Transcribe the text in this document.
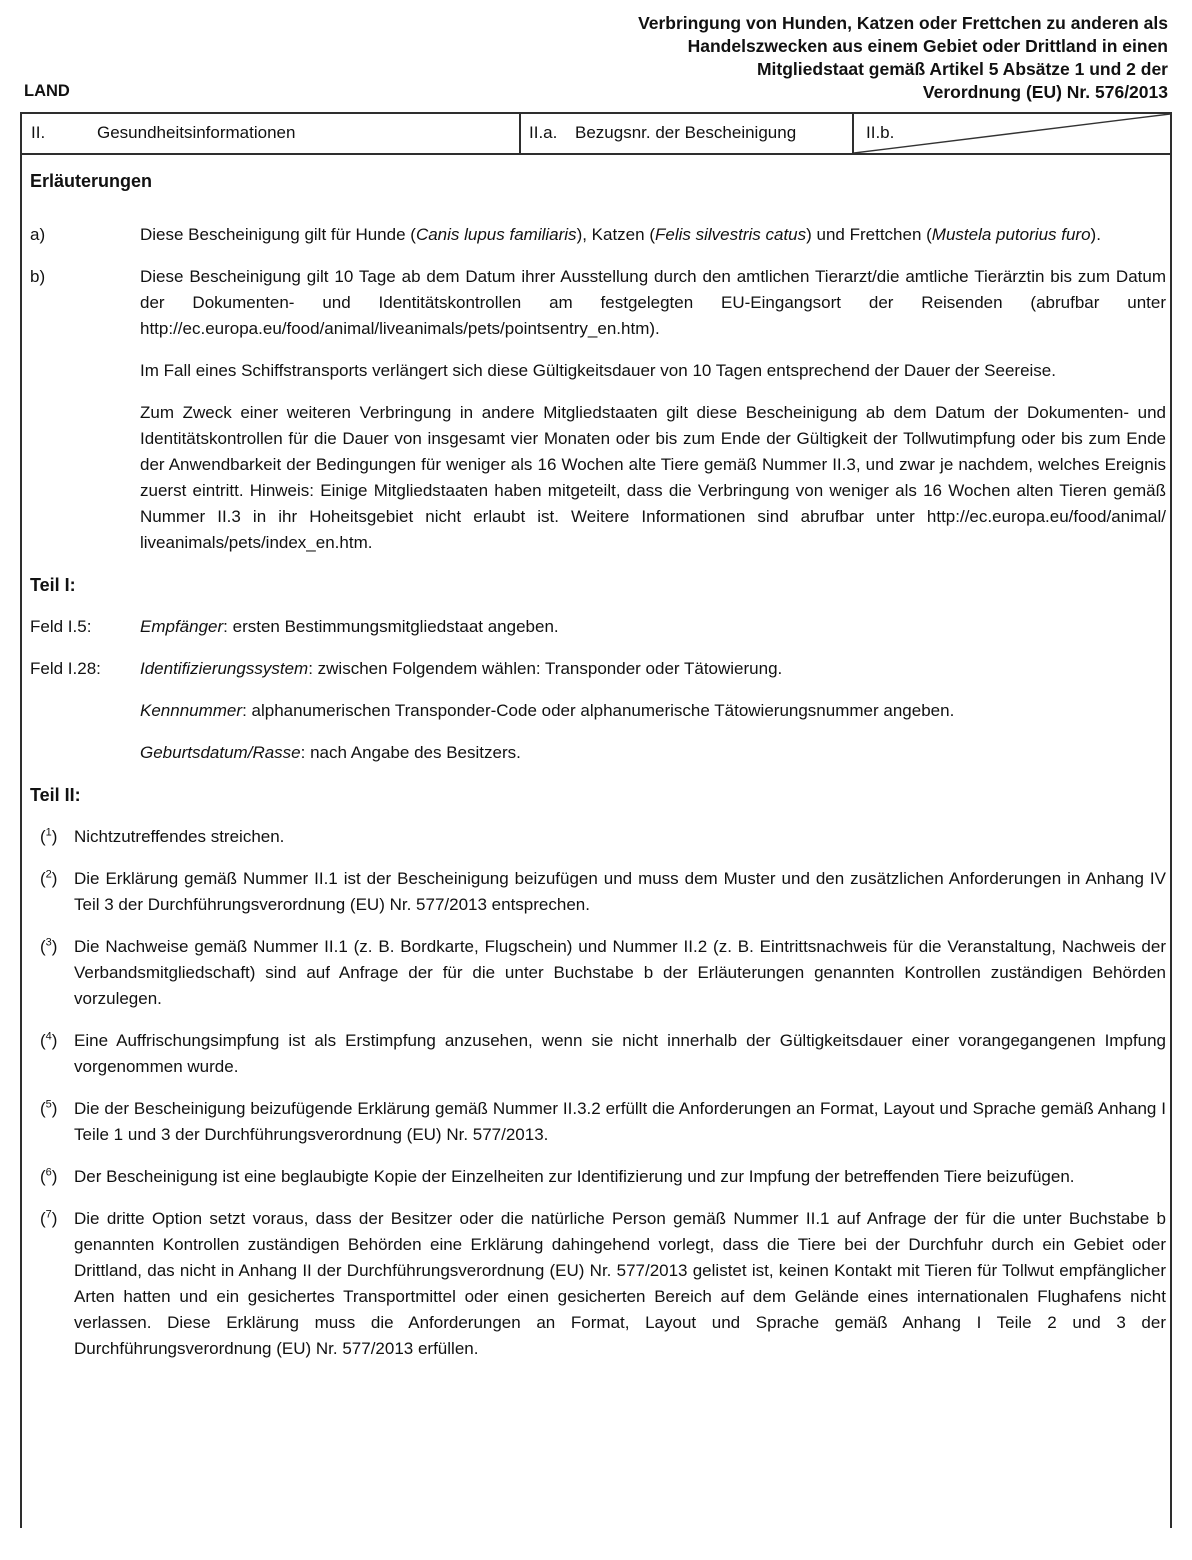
Verbringung von Hunden, Katzen oder Frettchen zu anderen als
Handelszwecken aus einem Gebiet oder Drittland in einen
Mitgliedstaat gemäß Artikel 5 Absätze 1 und 2 der
Verordnung (EU) Nr. 576/2013
LAND
II.	Gesundheitsinformationen	II.a.	Bezugsnr. der Bescheinigung	II.b.
Erläuterungen
a)	Diese Bescheinigung gilt für Hunde (Canis lupus familiaris), Katzen (Felis silvestris catus) und Frettchen (Mustela putorius furo).
b)	Diese Bescheinigung gilt 10 Tage ab dem Datum ihrer Ausstellung durch den amtlichen Tierarzt/die amtliche Tierärztin bis zum Datum der Dokumenten- und Identitätskontrollen am festgelegten EU-Eingangsort der Reisenden (abrufbar unter http://ec.europa.eu/food/animal/liveanimals/pets/pointsentry_en.htm).
Im Fall eines Schiffstransports verlängert sich diese Gültigkeitsdauer von 10 Tagen entsprechend der Dauer der Seereise.
Zum Zweck einer weiteren Verbringung in andere Mitgliedstaaten gilt diese Bescheinigung ab dem Datum der Dokumenten- und Identitätskontrollen für die Dauer von insgesamt vier Monaten oder bis zum Ende der Gültigkeit der Tollwutimpfung oder bis zum Ende der Anwendbarkeit der Bedingungen für weniger als 16 Wochen alte Tiere gemäß Nummer II.3, und zwar je nachdem, welches Ereignis zuerst eintritt. Hinweis: Einige Mitgliedstaaten haben mitgeteilt, dass die Verbringung von weniger als 16 Wochen alten Tieren gemäß Nummer II.3 in ihr Hoheitsgebiet nicht erlaubt ist. Weitere Informationen sind abrufbar unter http://ec.europa.eu/food/animal/ liveanimals/pets/index_en.htm.
Teil I:
Feld I.5:	Empfänger: ersten Bestimmungsmitgliedstaat angeben.
Feld I.28:	Identifizierungssystem: zwischen Folgendem wählen: Transponder oder Tätowierung.
Kennnummer: alphanumerischen Transponder-Code oder alphanumerische Tätowierungsnummer angeben.
Geburtsdatum/Rasse: nach Angabe des Besitzers.
Teil II:
($^1$) Nichtzutreffendes streichen.
($^2$) Die Erklärung gemäß Nummer II.1 ist der Bescheinigung beizufügen und muss dem Muster und den zusätzlichen Anforderungen in Anhang IV Teil 3 der Durchführungsverordnung (EU) Nr. 577/2013 entsprechen.
($^3$) Die Nachweise gemäß Nummer II.1 (z. B. Bordkarte, Flugschein) und Nummer II.2 (z. B. Eintrittsnachweis für die Veranstaltung, Nachweis der Verbandsmitgliedschaft) sind auf Anfrage der für die unter Buchstabe b der Erläuterungen genannten Kontrollen zuständigen Behörden vorzulegen.
($^4$) Eine Auffrischungsimpfung ist als Erstimpfung anzusehen, wenn sie nicht innerhalb der Gültigkeitsdauer einer vorangegangenen Impfung vorgenommen wurde.
($^5$) Die der Bescheinigung beizufügende Erklärung gemäß Nummer II.3.2 erfüllt die Anforderungen an Format, Layout und Sprache gemäß Anhang I Teile 1 und 3 der Durchführungsverordnung (EU) Nr. 577/2013.
($^6$) Der Bescheinigung ist eine beglaubigte Kopie der Einzelheiten zur Identifizierung und zur Impfung der betreffenden Tiere beizufügen.
($^7$) Die dritte Option setzt voraus, dass der Besitzer oder die natürliche Person gemäß Nummer II.1 auf Anfrage der für die unter Buchstabe b genannten Kontrollen zuständigen Behörden eine Erklärung dahingehend vorlegt, dass die Tiere bei der Durchfuhr durch ein Gebiet oder Drittland, das nicht in Anhang II der Durchführungsverordnung (EU) Nr. 577/2013 gelistet ist, keinen Kontakt mit Tieren für Tollwut empfänglicher Arten hatten und ein gesichertes Transportmittel oder einen gesicherten Bereich auf dem Gelände eines internationalen Flughafens nicht verlassen. Diese Erklärung muss die Anforderungen an Format, Layout und Sprache gemäß Anhang I Teile 2 und 3 der Durchführungsverordnung (EU) Nr. 577/2013 erfüllen.
